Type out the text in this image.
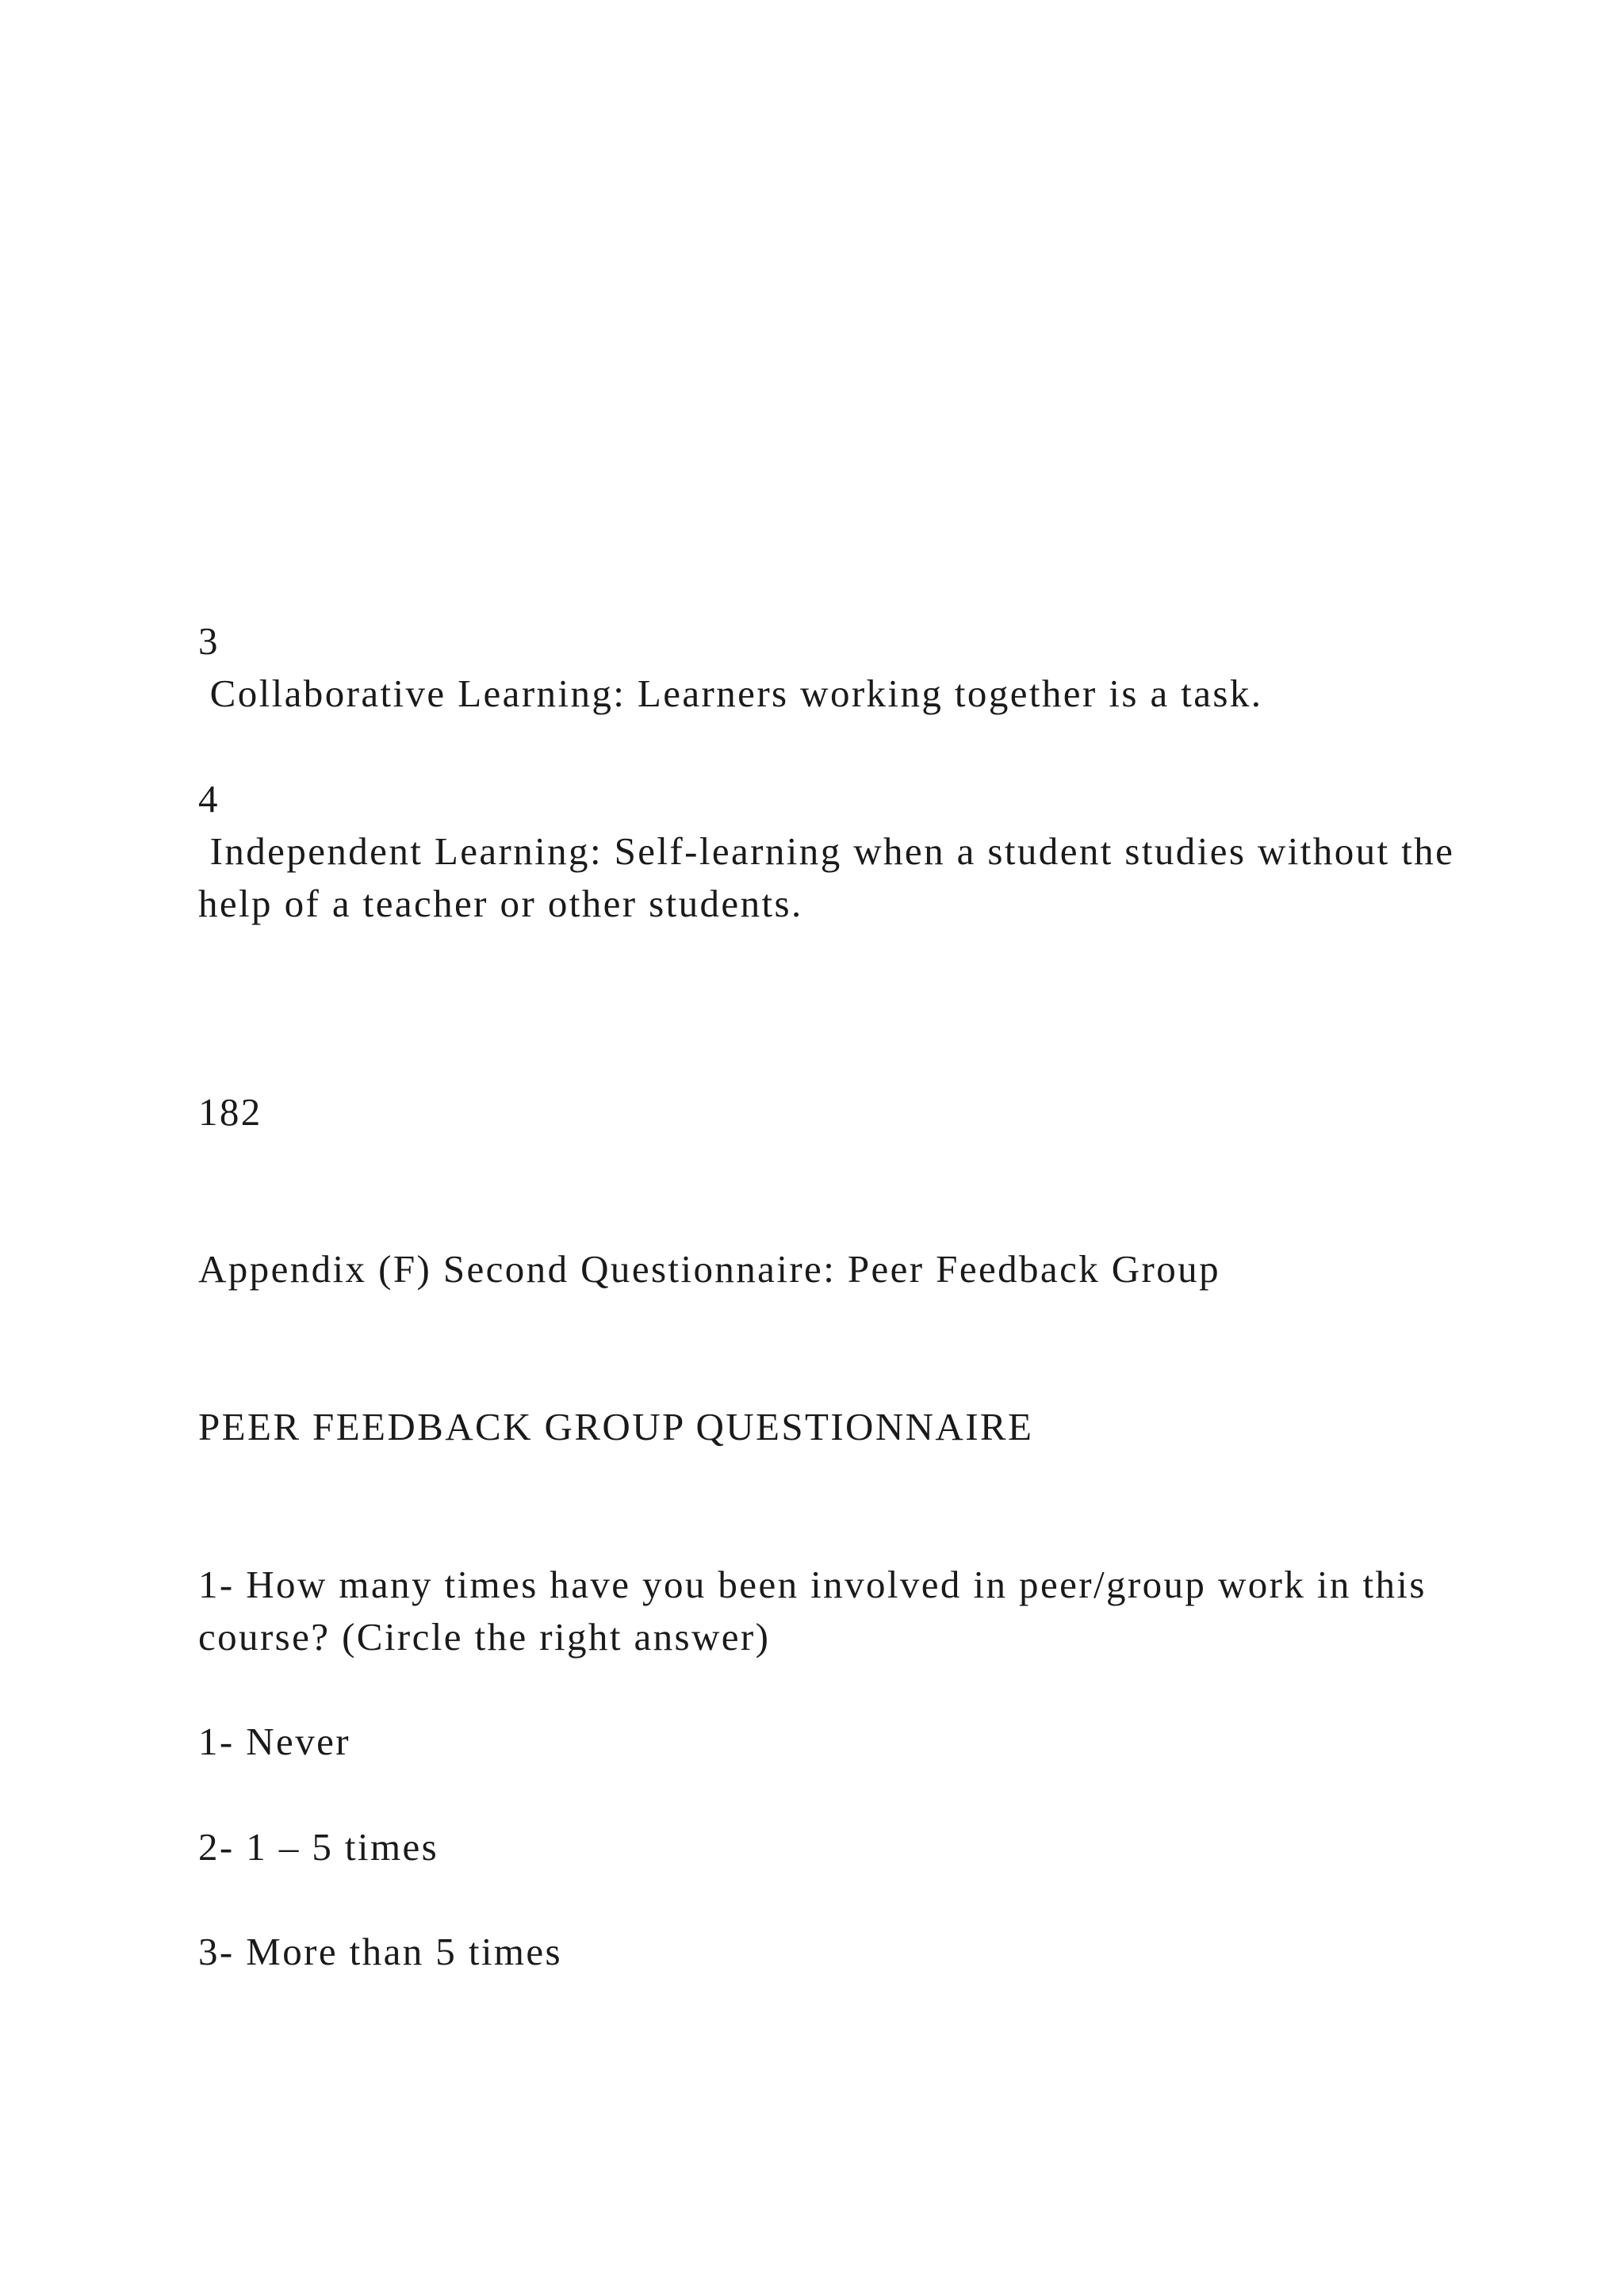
3

Collaborative Learning: Learners working together is a task.

4

Independent Learning: Self-learning when a student studies without the help of a teacher or other students.

182

Appendix (F) Second Questionnaire: Peer Feedback Group

PEER FEEDBACK GROUP QUESTIONNAIRE

1- How many times have you been involved in peer/group work in this course? (Circle the right answer)

1- Never

2- 1 – 5 times

3- More than 5 times
